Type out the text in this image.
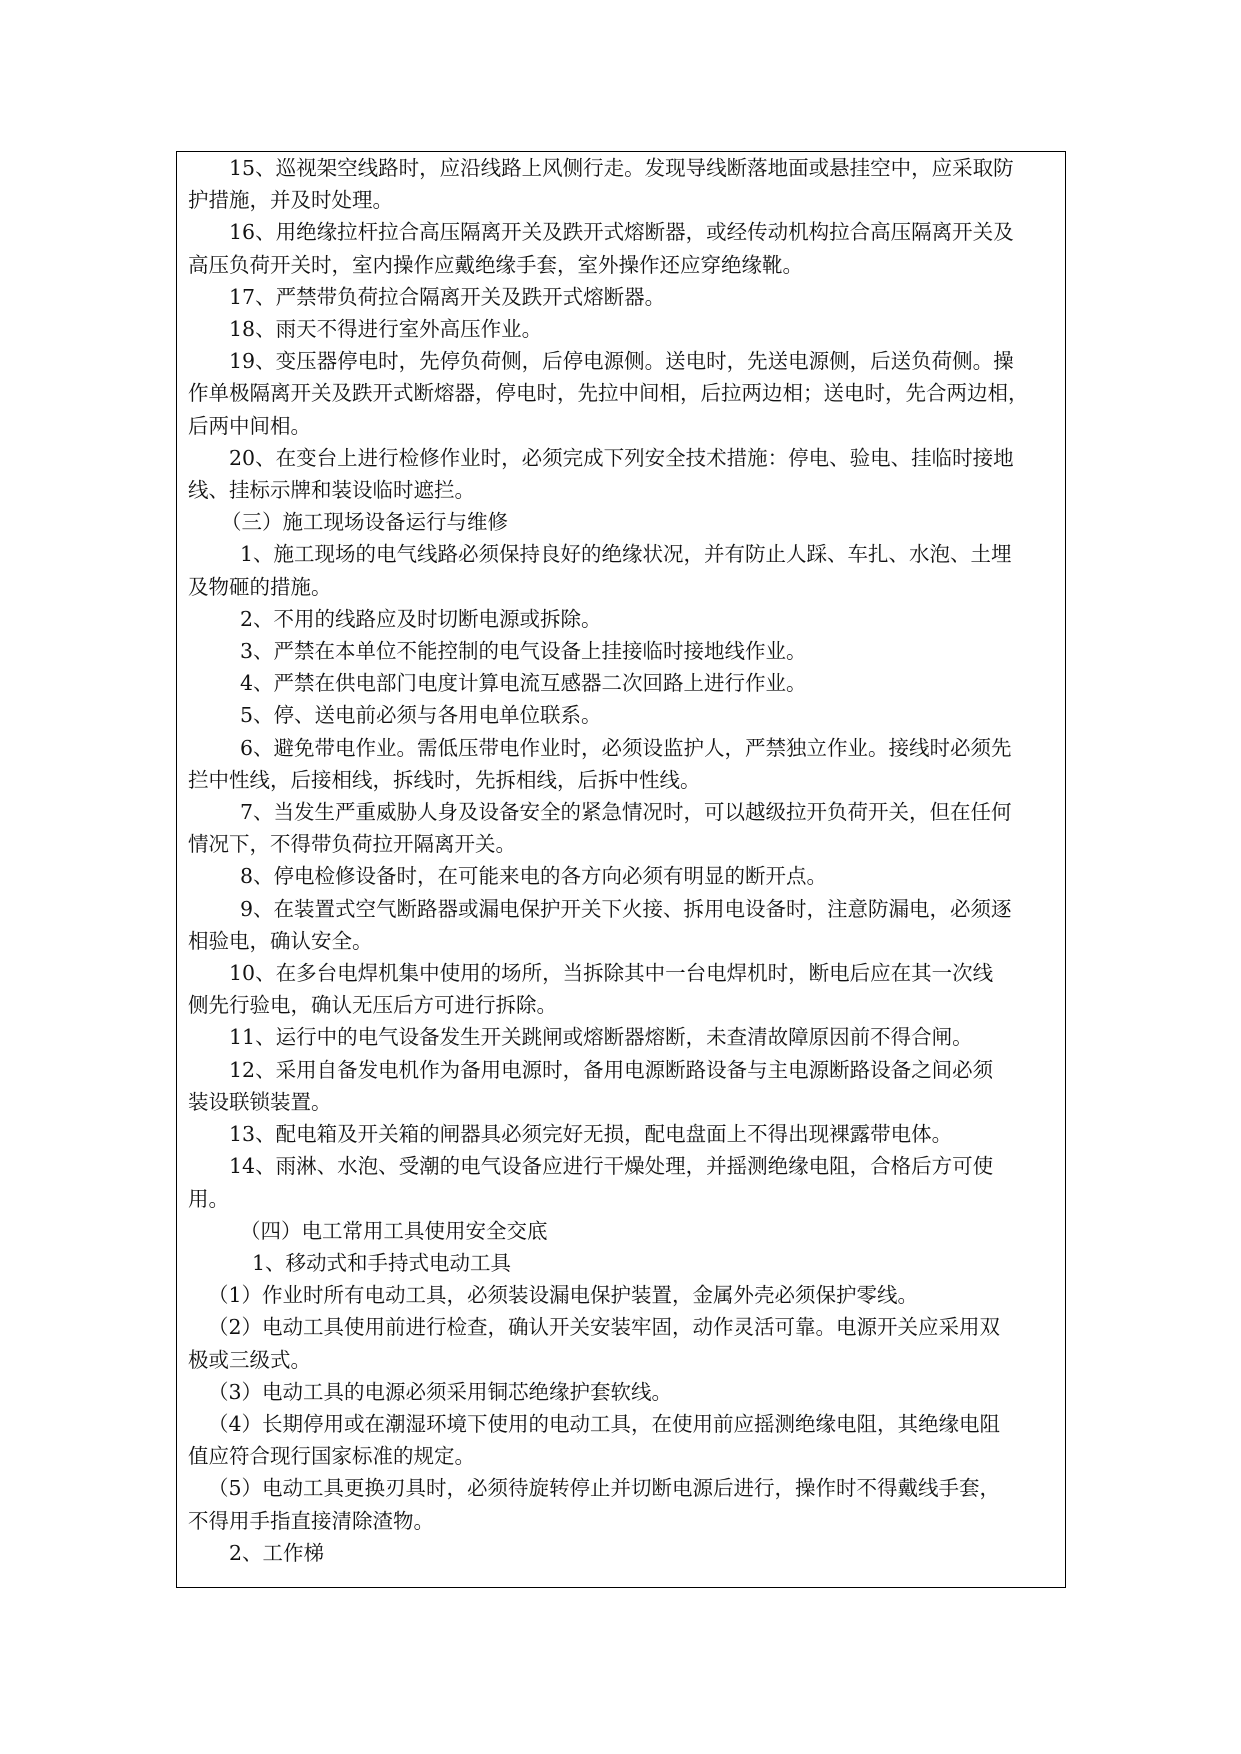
15、巡视架空线路时，应沿线路上风侧行走。发现导线断落地面或悬挂空中，应采取防

护措施，并及时处理。

16、用绝缘拉杆拉合高压隔离开关及跌开式熔断器，或经传动机构拉合高压隔离开关及

高压负荷开关时，室内操作应戴绝缘手套，室外操作还应穿绝缘靴。

17、严禁带负荷拉合隔离开关及跌开式熔断器。

18、雨天不得进行室外高压作业。

19、变压器停电时，先停负荷侧，后停电源侧。送电时，先送电源侧，后送负荷侧。操

作单极隔离开关及跌开式断熔器，停电时，先拉中间相，后拉两边相；送电时，先合两边相，

后两中间相。

20、在变台上进行检修作业时，必须完成下列安全技术措施：停电、验电、挂临时接地

线、挂标示牌和装设临时遮拦。

（三）施工现场设备运行与维修

1、施工现场的电气线路必须保持良好的绝缘状况，并有防止人踩、车扎、水泡、土埋

及物砸的措施。

2、不用的线路应及时切断电源或拆除。

3、严禁在本单位不能控制的电气设备上挂接临时接地线作业。

4、严禁在供电部门电度计算电流互感器二次回路上进行作业。

5、停、送电前必须与各用电单位联系。

6、避免带电作业。需低压带电作业时，必须设监护人，严禁独立作业。接线时必须先

拦中性线，后接相线，拆线时，先拆相线，后拆中性线。

7、当发生严重威胁人身及设备安全的紧急情况时，可以越级拉开负荷开关，但在任何

情况下，不得带负荷拉开隔离开关。

8、停电检修设备时，在可能来电的各方向必须有明显的断开点。

9、在装置式空气断路器或漏电保护开关下火接、拆用电设备时，注意防漏电，必须逐

相验电，确认安全。

10、在多台电焊机集中使用的场所，当拆除其中一台电焊机时，断电后应在其一次线

侧先行验电，确认无压后方可进行拆除。

11、运行中的电气设备发生开关跳闸或熔断器熔断，未查清故障原因前不得合闸。

12、采用自备发电机作为备用电源时，备用电源断路设备与主电源断路设备之间必须

装设联锁装置。

13、配电箱及开关箱的闸器具必须完好无损，配电盘面上不得出现裸露带电体。

14、雨淋、水泡、受潮的电气设备应进行干燥处理，并摇测绝缘电阻，合格后方可使

用。

（四）电工常用工具使用安全交底

1、移动式和手持式电动工具

（1）作业时所有电动工具，必须装设漏电保护装置，金属外壳必须保护零线。

（2）电动工具使用前进行检查，确认开关安装牢固，动作灵活可靠。电源开关应采用双

极或三级式。

（3）电动工具的电源必须采用铜芯绝缘护套软线。

（4）长期停用或在潮湿环境下使用的电动工具，在使用前应摇测绝缘电阻，其绝缘电阻

值应符合现行国家标准的规定。

（5）电动工具更换刃具时，必须待旋转停止并切断电源后进行，操作时不得戴线手套，

不得用手指直接清除渣物。

2、工作梯
